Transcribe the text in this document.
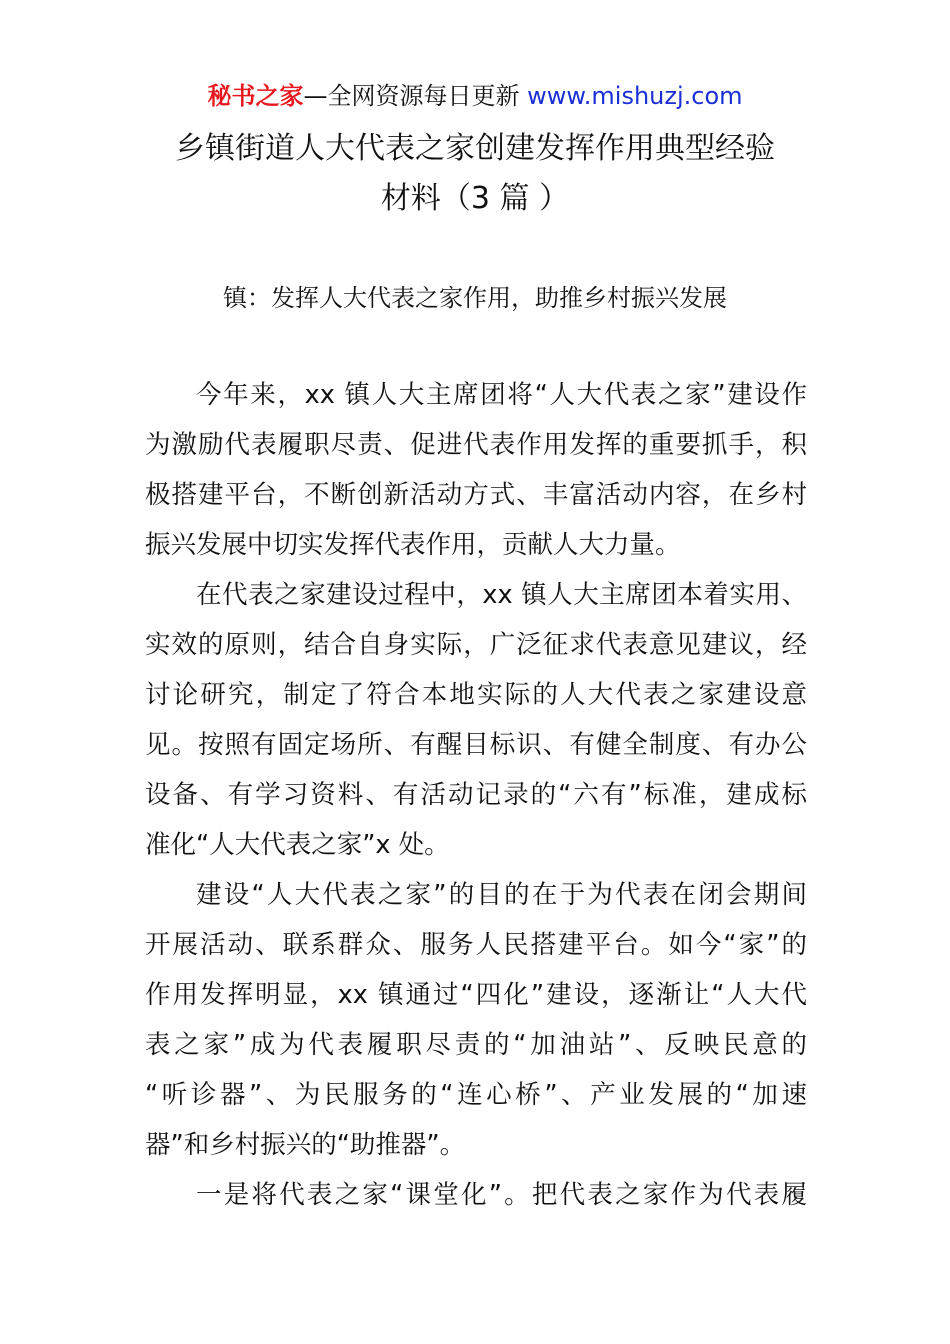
秘书之家—全网资源每日更新 www.mishuzj.com
乡镇街道人大代表之家创建发挥作用典型经验
材料（3 篇 ）
镇：发挥人大代表之家作用，助推乡村振兴发展
今年来，xx 镇人大主席团将“人大代表之家”建设作
为激励代表履职尽责、促进代表作用发挥的重要抓手，积
极搭建平台，不断创新活动方式、丰富活动内容，在乡村
振兴发展中切实发挥代表作用，贡献人大力量。
在代表之家建设过程中，xx 镇人大主席团本着实用、
实效的原则，结合自身实际，广泛征求代表意见建议，经
讨论研究，制定了符合本地实际的人大代表之家建设意
见。按照有固定场所、有醒目标识、有健全制度、有办公
设备、有学习资料、有活动记录的“六有”标准，建成标
准化“人大代表之家”x 处。
建设“人大代表之家”的目的在于为代表在闭会期间
开展活动、联系群众、服务人民搭建平台。如今“家”的
作用发挥明显，xx 镇通过“四化”建设，逐渐让“人大代
表之家”成为代表履职尽责的“加油站”、反映民意的
“听诊器”、为民服务的“连心桥”、产业发展的“加速
器”和乡村振兴的“助推器”。
一是将代表之家“课堂化”。把代表之家作为代表履
